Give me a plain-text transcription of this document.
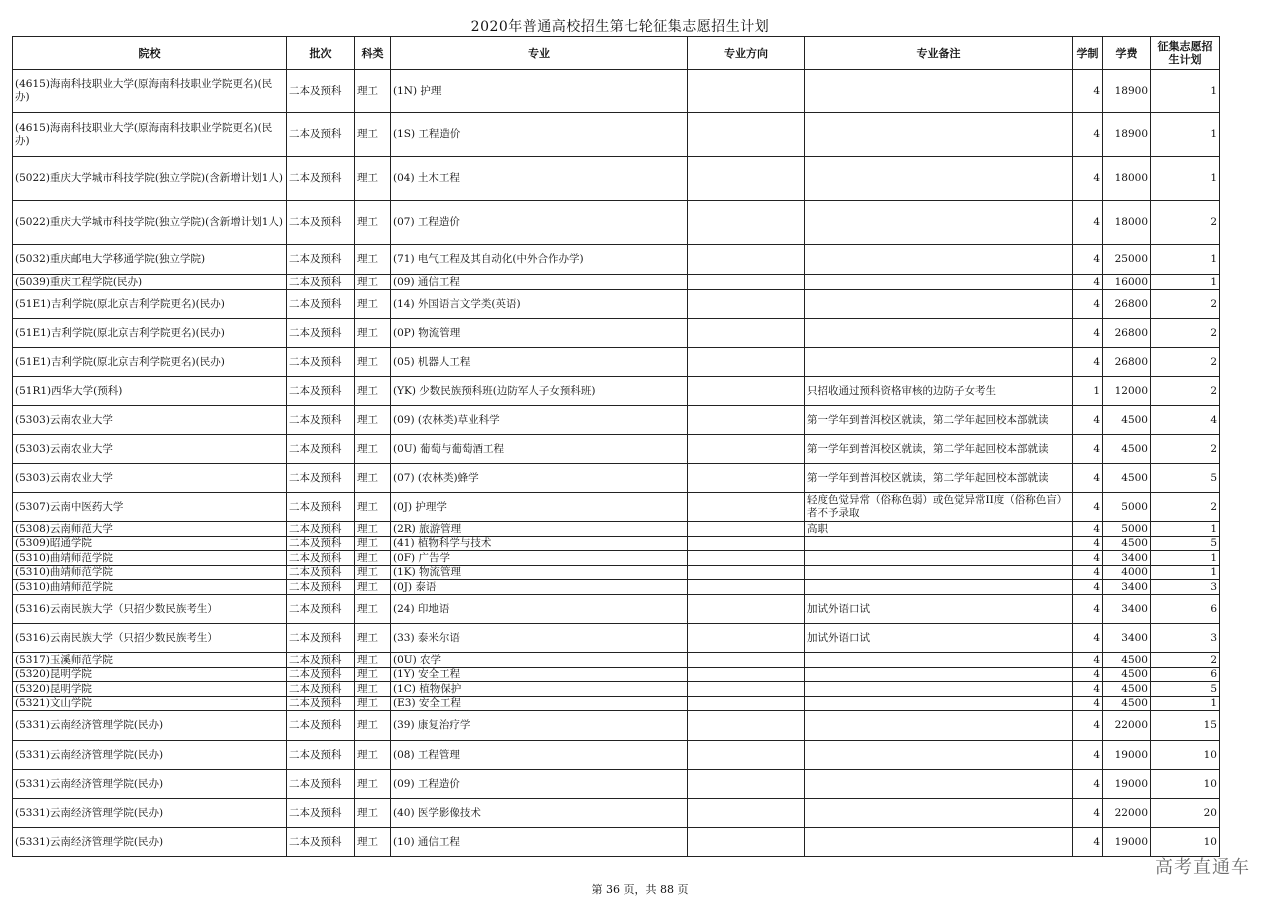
2020年普通高校招生第七轮征集志愿招生计划
院校	批次	科类	专业	专业方向	专业备注	学制	学费	征集志愿招生计划
(4615)海南科技职业大学(原海南科技职业学院更名)(民办)	二本及预科	理工	(1N) 护理			4	18900	1
(4615)海南科技职业大学(原海南科技职业学院更名)(民办)	二本及预科	理工	(1S) 工程造价			4	18900	1
(5022)重庆大学城市科技学院(独立学院)(含新增计划1人)	二本及预科	理工	(04) 土木工程			4	18000	1
(5022)重庆大学城市科技学院(独立学院)(含新增计划1人)	二本及预科	理工	(07) 工程造价			4	18000	2
(5032)重庆邮电大学移通学院(独立学院)	二本及预科	理工	(71) 电气工程及其自动化(中外合作办学)			4	25000	1
(5039)重庆工程学院(民办)	二本及预科	理工	(09) 通信工程			4	16000	1
(51E1)吉利学院(原北京吉利学院更名)(民办)	二本及预科	理工	(14) 外国语言文学类(英语)			4	26800	2
(51E1)吉利学院(原北京吉利学院更名)(民办)	二本及预科	理工	(0P) 物流管理			4	26800	2
(51E1)吉利学院(原北京吉利学院更名)(民办)	二本及预科	理工	(05) 机器人工程			4	26800	2
(51R1)西华大学(预科)	二本及预科	理工	(YK) 少数民族预科班(边防军人子女预科班)		只招收通过预科资格审核的边防子女考生	1	12000	2
(5303)云南农业大学	二本及预科	理工	(09) (农林类)草业科学		第一学年到普洱校区就读，第二学年起回校本部就读	4	4500	4
(5303)云南农业大学	二本及预科	理工	(0U) 葡萄与葡萄酒工程		第一学年到普洱校区就读，第二学年起回校本部就读	4	4500	2
(5303)云南农业大学	二本及预科	理工	(07) (农林类)蜂学		第一学年到普洱校区就读，第二学年起回校本部就读	4	4500	5
(5307)云南中医药大学	二本及预科	理工	(0J) 护理学		轻度色觉异常（俗称色弱）或色觉异常II度（俗称色盲）者不予录取	4	5000	2
(5308)云南师范大学	二本及预科	理工	(2R) 旅游管理		高职	4	5000	1
(5309)昭通学院	二本及预科	理工	(41) 植物科学与技术			4	4500	5
(5310)曲靖师范学院	二本及预科	理工	(0F) 广告学			4	3400	1
(5310)曲靖师范学院	二本及预科	理工	(1K) 物流管理			4	4000	1
(5310)曲靖师范学院	二本及预科	理工	(0J) 泰语			4	3400	3
(5316)云南民族大学（只招少数民族考生）	二本及预科	理工	(24) 印地语		加试外语口试	4	3400	6
(5316)云南民族大学（只招少数民族考生）	二本及预科	理工	(33) 泰米尔语		加试外语口试	4	3400	3
(5317)玉溪师范学院	二本及预科	理工	(0U) 农学			4	4500	2
(5320)昆明学院	二本及预科	理工	(1Y) 安全工程			4	4500	6
(5320)昆明学院	二本及预科	理工	(1C) 植物保护			4	4500	5
(5321)文山学院	二本及预科	理工	(E3) 安全工程			4	4500	1
(5331)云南经济管理学院(民办)	二本及预科	理工	(39) 康复治疗学			4	22000	15
(5331)云南经济管理学院(民办)	二本及预科	理工	(08) 工程管理			4	19000	10
(5331)云南经济管理学院(民办)	二本及预科	理工	(09) 工程造价			4	19000	10
(5331)云南经济管理学院(民办)	二本及预科	理工	(40) 医学影像技术			4	22000	20
(5331)云南经济管理学院(民办)	二本及预科	理工	(10) 通信工程			4	19000	10
第 36 页，共 88 页
高考直通车
